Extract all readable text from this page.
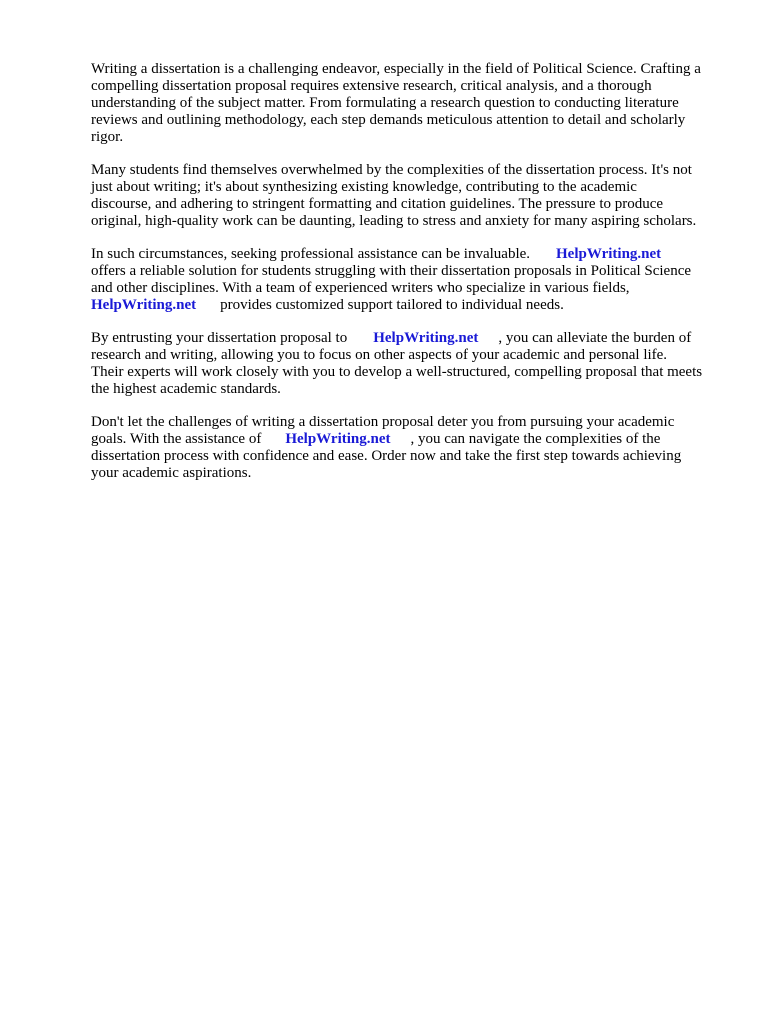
Writing a dissertation is a challenging endeavor, especially in the field of Political Science. Crafting a
compelling dissertation proposal requires extensive research, critical analysis, and a thorough
understanding of the subject matter. From formulating a research question to conducting literature
reviews and outlining methodology, each step demands meticulous attention to detail and scholarly
rigor.

Many students find themselves overwhelmed by the complexities of the dissertation process. It's not
just about writing; it's about synthesizing existing knowledge, contributing to the academic
discourse, and adhering to stringent formatting and citation guidelines. The pressure to produce
original, high-quality work can be daunting, leading to stress and anxiety for many aspiring scholars.

In such circumstances, seeking professional assistance can be invaluable. HelpWriting.net
offers a reliable solution for students struggling with their dissertation proposals in Political Science
and other disciplines. With a team of experienced writers who specialize in various fields,
HelpWriting.net provides customized support tailored to individual needs.

By entrusting your dissertation proposal to HelpWriting.net , you can alleviate the burden of
research and writing, allowing you to focus on other aspects of your academic and personal life.
Their experts will work closely with you to develop a well-structured, compelling proposal that meets
the highest academic standards.

Don't let the challenges of writing a dissertation proposal deter you from pursuing your academic
goals. With the assistance of HelpWriting.net , you can navigate the complexities of the
dissertation process with confidence and ease. Order now and take the first step towards achieving
your academic aspirations.
